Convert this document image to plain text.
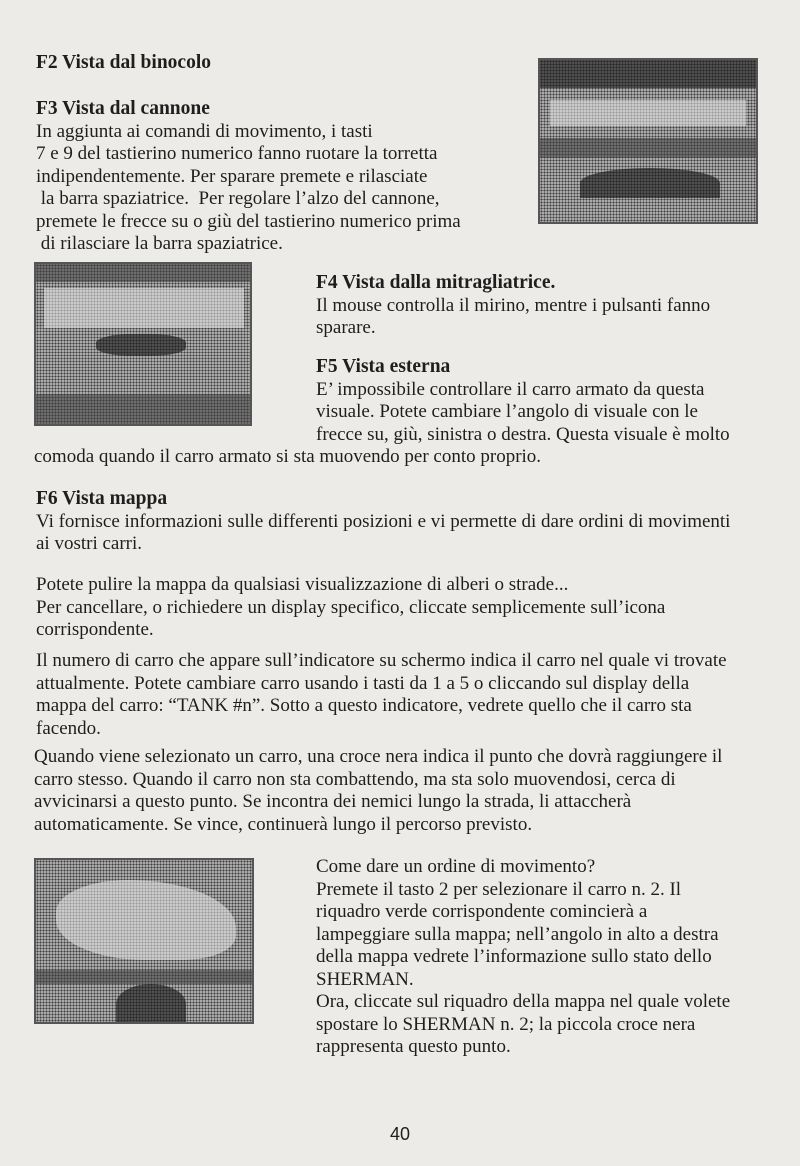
F2 Vista dal binocolo

F3 Vista dal cannone

In aggiunta ai comandi di movimento, i tasti

7 e 9 del tastierino numerico fanno ruotare la torretta

indipendentemente. Per sparare premete e rilasciate

la barra spaziatrice.  Per regolare l’alzo del cannone,

premete le frecce su o giù del tastierino numerico prima

di rilasciare la barra spaziatrice.

F4 Vista dalla mitragliatrice.

Il mouse controlla il mirino, mentre i pulsanti fanno

sparare.

F5 Vista esterna

E’ impossibile controllare il carro armato da questa

visuale. Potete cambiare l’angolo di visuale con le

frecce su, giù, sinistra o destra. Questa visuale è molto

comoda quando il carro armato si sta muovendo per conto proprio.

F6 Vista mappa

Vi fornisce informazioni sulle differenti posizioni e vi permette di dare ordini di movimenti

ai vostri carri.

Potete pulire la mappa da qualsiasi visualizzazione di alberi o strade...

Per cancellare, o richiedere un display specifico, cliccate semplicemente sull’icona

corrispondente.

Il numero di carro che appare sull’indicatore su schermo indica il carro nel quale vi trovate

attualmente. Potete cambiare carro usando i tasti da 1 a 5 o cliccando sul display della

mappa del carro: “TANK #n”. Sotto a questo indicatore, vedrete quello che il carro sta

facendo.

Quando viene selezionato un carro, una croce nera indica il punto che dovrà raggiungere il

carro stesso. Quando il carro non sta combattendo, ma sta solo muovendosi, cerca di

avvicinarsi a questo punto. Se incontra dei nemici lungo la strada, li attaccherà

automaticamente. Se vince, continuerà lungo il percorso previsto.

Come dare un ordine di movimento?

Premete il tasto 2 per selezionare il carro n. 2. Il

riquadro verde corrispondente comincierà a

lampeggiare sulla mappa; nell’angolo in alto a destra

della mappa vedrete l’informazione sullo stato dello

SHERMAN.

Ora, cliccate sul riquadro della mappa nel quale volete

spostare lo SHERMAN n. 2; la piccola croce nera

rappresenta questo punto.

40
